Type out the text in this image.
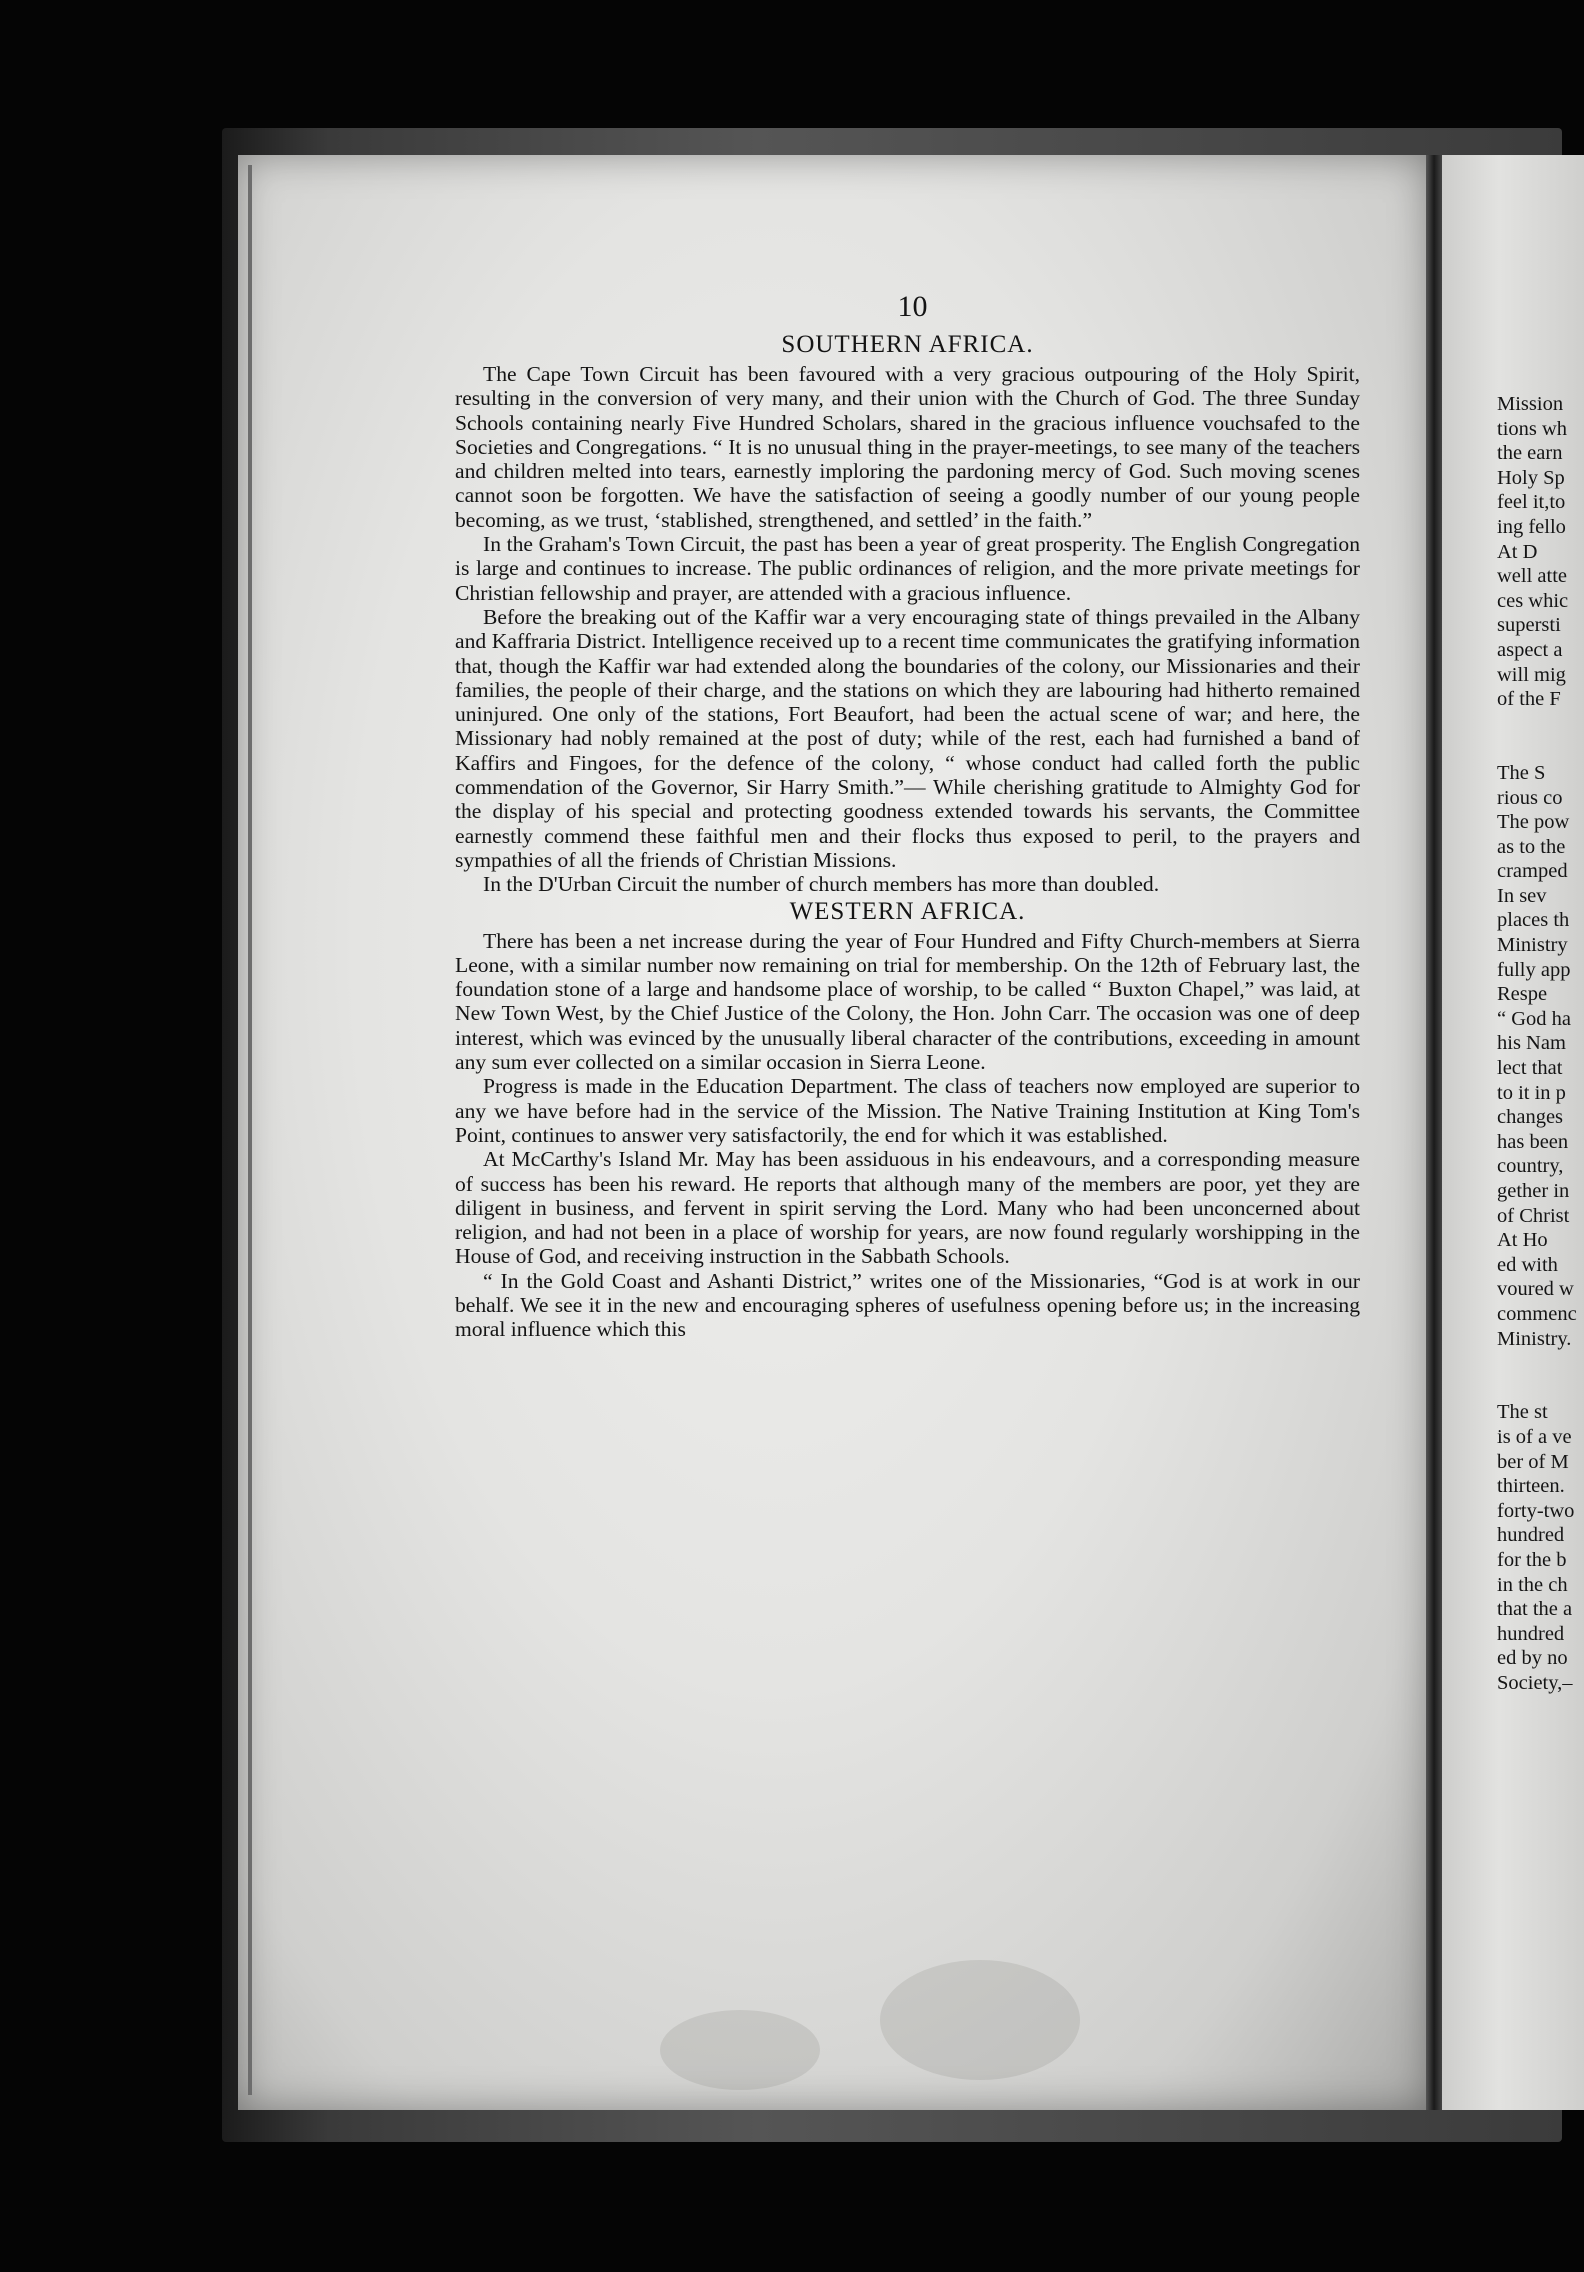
10
SOUTHERN AFRICA.

The Cape Town Circuit has been favoured with a very gracious outpouring of the Holy Spirit, resulting in the conversion of very many, and their union with the Church of God. The three Sunday Schools containing nearly Five Hundred Scholars, shared in the gracious influence vouchsafed to the Societies and Congregations. “ It is no unusual thing in the prayer-meetings, to see many of the teachers and children melted into tears, earnestly imploring the pardoning mercy of God. Such moving scenes cannot soon be forgotten. We have the satisfaction of seeing a goodly number of our young people becoming, as we trust, ‘stablished, strengthened, and settled’ in the faith.”

In the Graham's Town Circuit, the past has been a year of great prosperity. The English Congregation is large and continues to increase. The public ordinances of religion, and the more private meetings for Christian fellowship and prayer, are attended with a gracious influence.

Before the breaking out of the Kaffir war a very encouraging state of things prevailed in the Albany and Kaffraria District. Intelligence received up to a recent time communicates the gratifying information that, though the Kaffir war had extended along the boundaries of the colony, our Missionaries and their families, the people of their charge, and the stations on which they are labouring had hitherto remained uninjured. One only of the stations, Fort Beaufort, had been the actual scene of war; and here, the Missionary had nobly remained at the post of duty; while of the rest, each had furnished a band of Kaffirs and Fingoes, for the defence of the colony, “ whose conduct had called forth the public commendation of the Governor, Sir Harry Smith.”— While cherishing gratitude to Almighty God for the display of his special and protecting goodness extended towards his servants, the Committee earnestly commend these faithful men and their flocks thus exposed to peril, to the prayers and sympathies of all the friends of Christian Missions.

In the D'Urban Circuit the number of church members has more than doubled.

WESTERN AFRICA.

There has been a net increase during the year of Four Hundred and Fifty Church-members at Sierra Leone, with a similar number now remaining on trial for membership. On the 12th of February last, the foundation stone of a large and handsome place of worship, to be called “ Buxton Chapel,” was laid, at New Town West, by the Chief Justice of the Colony, the Hon. John Carr. The occasion was one of deep interest, which was evinced by the unusually liberal character of the contributions, exceeding in amount any sum ever collected on a similar occasion in Sierra Leone.

Progress is made in the Education Department. The class of teachers now employed are superior to any we have before had in the service of the Mission. The Native Training Institution at King Tom's Point, continues to answer very satisfactorily, the end for which it was established.

At McCarthy's Island Mr. May has been assiduous in his endeavours, and a corresponding measure of success has been his reward. He reports that although many of the members are poor, yet they are diligent in business, and fervent in spirit serving the Lord. Many who had been unconcerned about religion, and had not been in a place of worship for years, are now found regularly worshipping in the House of God, and receiving instruction in the Sabbath Schools.

“ In the Gold Coast and Ashanti District,” writes one of the Missionaries, “God is at work in our behalf. We see it in the new and encouraging spheres of usefulness opening before us; in the increasing moral influence which this

Mission
tions wh
the earn
Holy Sp
feel it,to
ing fello
At D
well atte
ces whic
supersti
aspect a
will mig
of the F
The S
rious co
The pow
as to the
cramped
In sev
places th
Ministry
fully app
Respe
“ God ha
his Nam
lect that
to it in p
changes
has been
country,
gether in
of Christ
At Ho
ed with
voured w
commenc
Ministry.
The st
is of a ve
ber of M
thirteen.
forty-two
hundred
for the b
in the ch
that the a
hundred
ed by no
Society,–
